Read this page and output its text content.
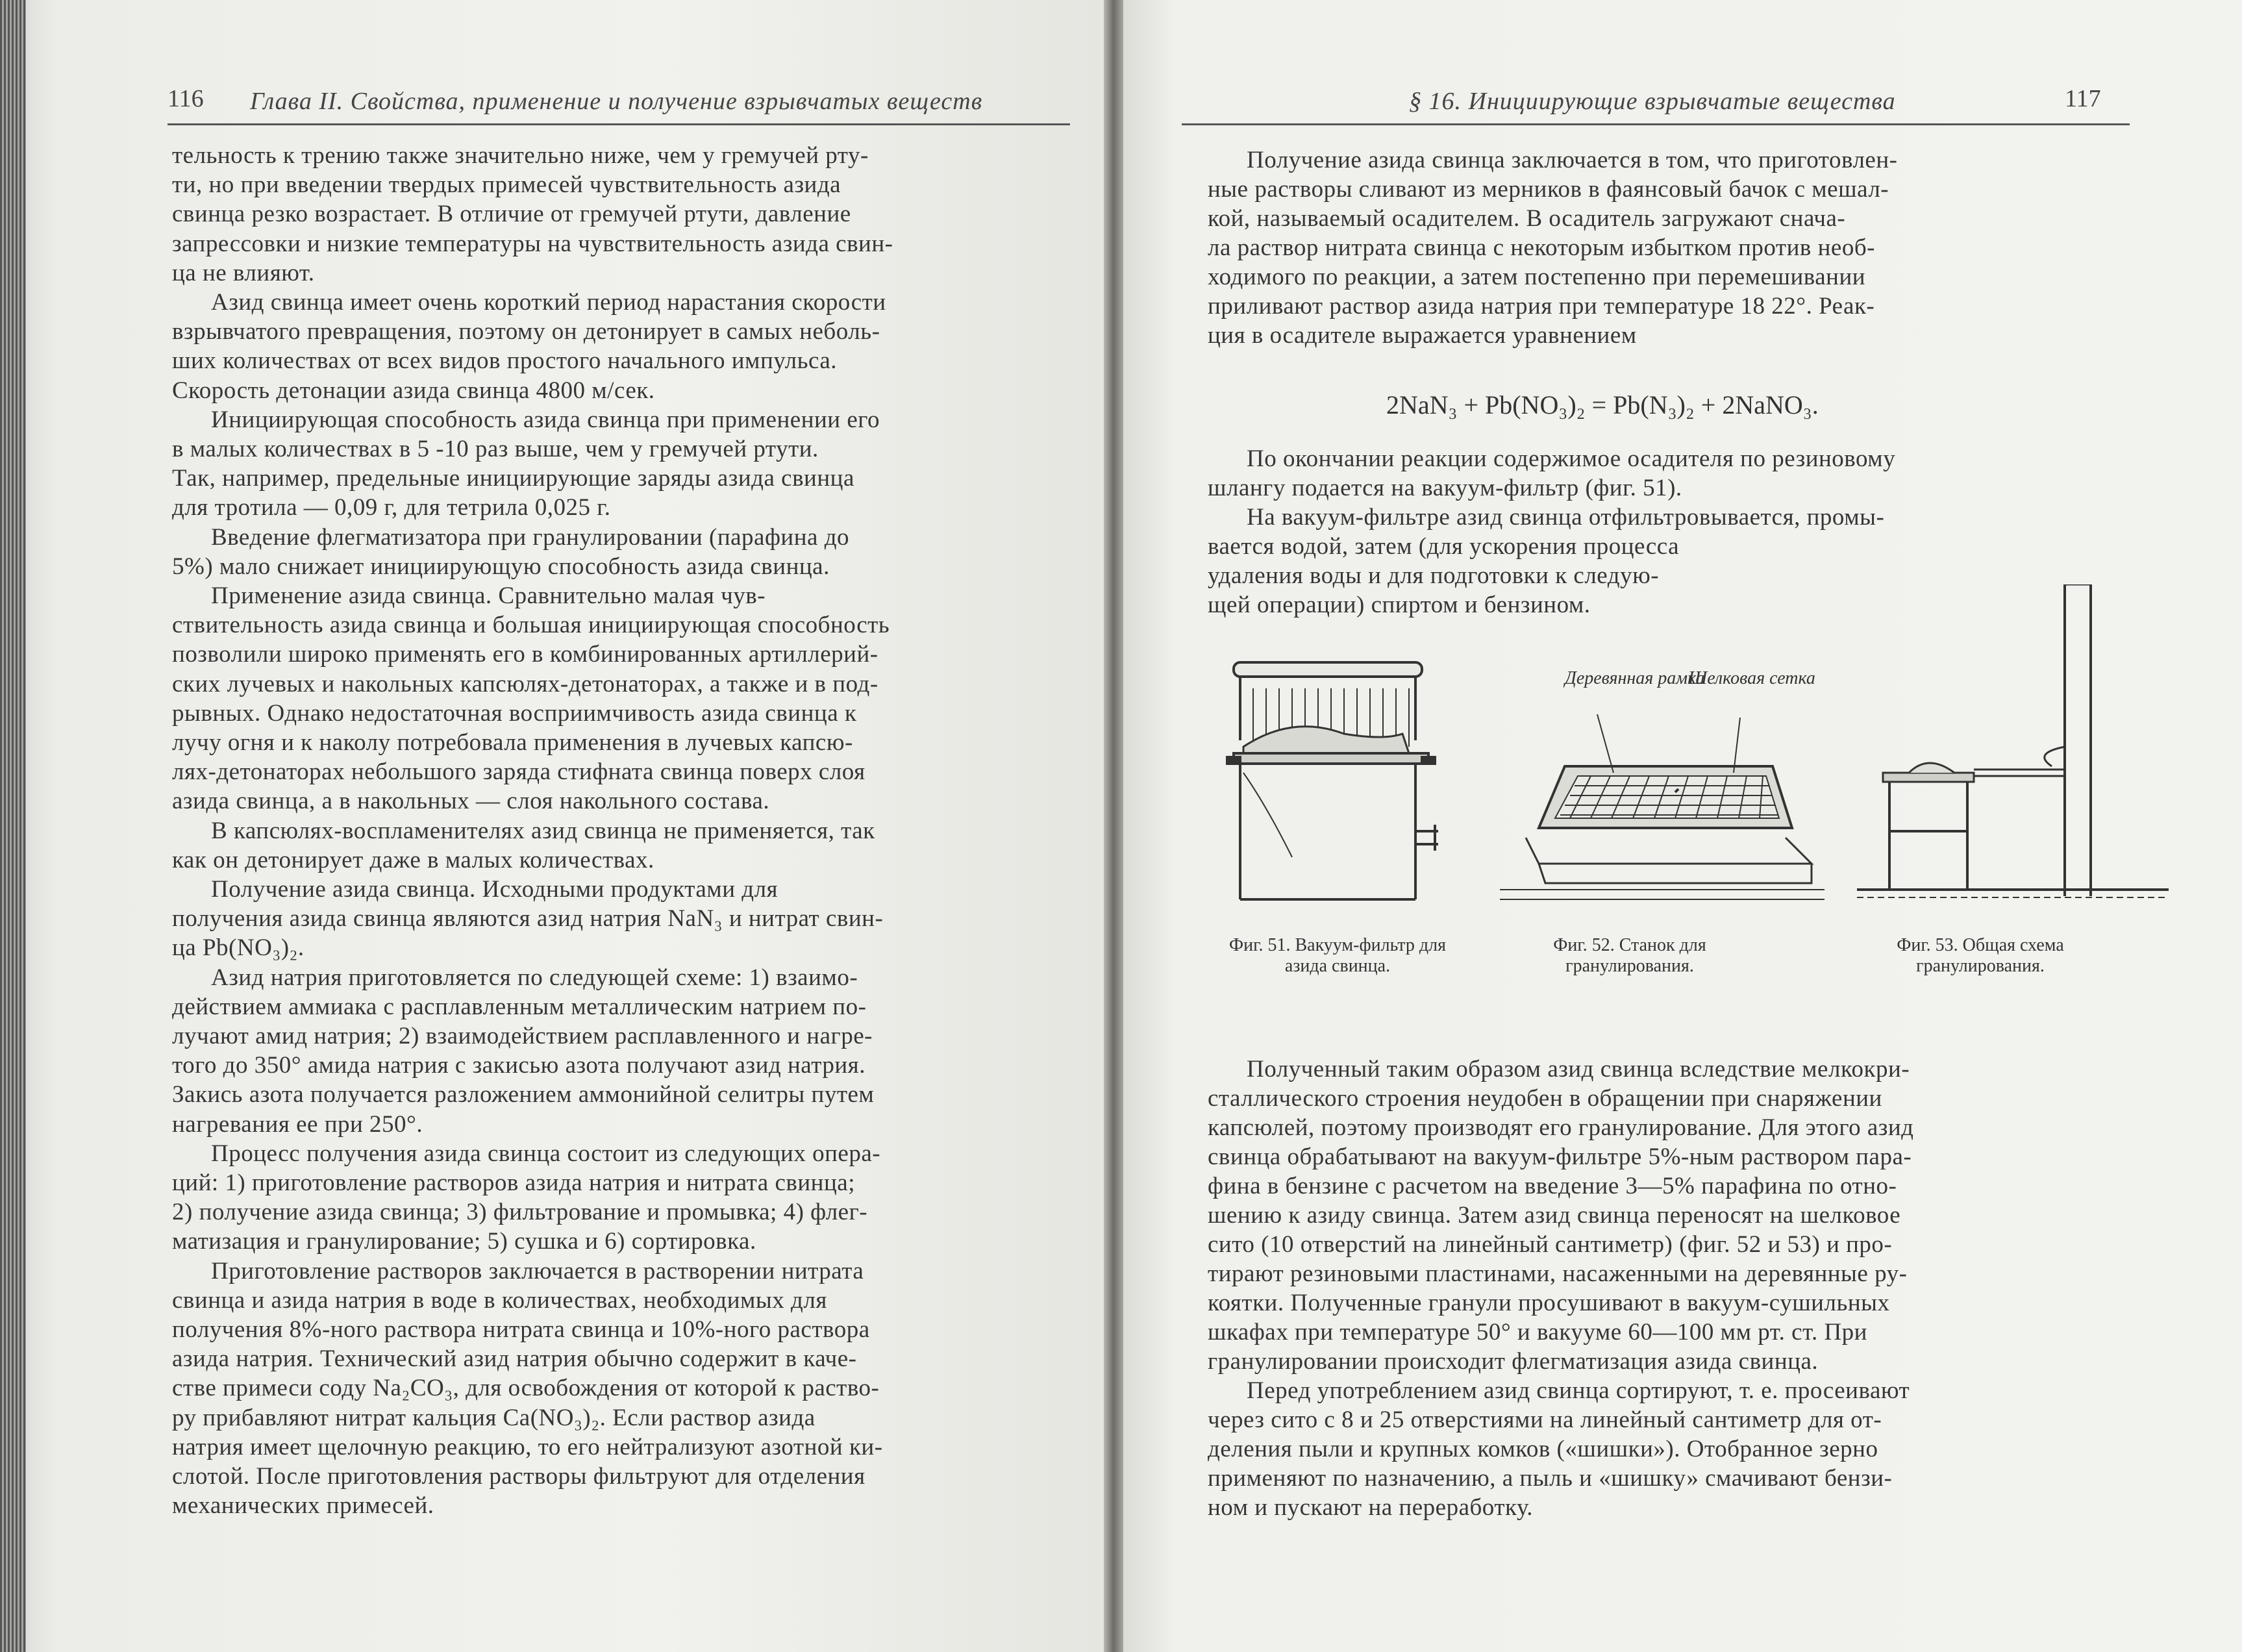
116 Глава II. Свойства, применение и получение взрывчатых веществ
тельность к трению также значительно ниже, чем у гремучей рту-
ти, но при введении твердых примесей чувствительность азида
свинца резко возрастает. В отличие от гремучей ртути, давление
запрессовки и низкие температуры на чувствительность азида свин-
ца не влияют.
Азид свинца имеет очень короткий период нарастания скорости
взрывчатого превращения, поэтому он детонирует в самых неболь-
ших количествах от всех видов простого начального импульса.
Скорость детонации азида свинца 4800 м/сек.
Инициирующая способность азида свинца при применении его
в малых количествах в 5 -10 раз выше, чем у гремучей ртути.
Так, например, предельные инициирующие заряды азида свинца
для тротила — 0,09 г, для тетрила 0,025 г.
Введение флегматизатора при гранулировании (парафина до
5%) мало снижает инициирующую способность азида свинца.
Применение азида свинца. Сравнительно малая чув-
ствительность азида свинца и большая инициирующая способность
позволили широко применять его в комбинированных артиллерий-
ских лучевых и накольных капсюлях-детонаторах, а также и в под-
рывных. Однако недостаточная восприимчивость азида свинца к
лучу огня и к наколу потребовала применения в лучевых капсю-
лях-детонаторах небольшого заряда стифната свинца поверх слоя
азида свинца, а в накольных — слоя накольного состава.
В капсюлях-воспламенителях азид свинца не применяется, так
как он детонирует даже в малых количествах.
Получение азида свинца. Исходными продуктами для
получения азида свинца являются азид натрия NaN₃ и нитрат свин-
ца Pb(NO₃)₂.
Азид натрия приготовляется по следующей схеме: 1) взаимо-
действием аммиака с расплавленным металлическим натрием по-
лучают амид натрия; 2) взаимодействием расплавленного и нагре-
того до 350° амида натрия с закисью азота получают азид натрия.
Закись азота получается разложением аммонийной селитры путем
нагревания ее при 250°.
Процесс получения азида свинца состоит из следующих опера-
ций: 1) приготовление растворов азида натрия и нитрата свинца;
2) получение азида свинца; 3) фильтрование и промывка; 4) флег-
матизация и гранулирование; 5) сушка и 6) сортировка.
Приготовление растворов заключается в растворении нитрата
свинца и азида натрия в воде в количествах, необходимых для
получения 8%-ного раствора нитрата свинца и 10%-ного раствора
азида натрия. Технический азид натрия обычно содержит в каче-
стве примеси соду Na₂CO₃, для освобождения от которой к раство-
ру прибавляют нитрат кальция Ca(NO₃)₂. Если раствор азида
натрия имеет щелочную реакцию, то его нейтрализуют азотной ки-
слотой. После приготовления растворы фильтруют для отделения
механических примесей.
§ 16. Инициирующие взрывчатые вещества	117
Получение азида свинца заключается в том, что приготовлен-
ные растворы сливают из мерников в фаянсовый бачок с мешал-
кой, называемый осадителем. В осадитель загружают снача-
ла раствор нитрата свинца с некоторым избытком против необ-
ходимого по реакции, а затем постепенно при перемешивании
приливают раствор азида натрия при температуре 18 22°. Реак-
ция в осадителе выражается уравнением
2NaN₃ + Pb(NO₃)₂ = Pb(N₃)₂ + 2NaNO₃.
По окончании реакции содержимое осадителя по резиновому
шлангу подается на вакуум-фильтр (фиг. 51).
На вакуум-фильтре азид свинца отфильтровывается, промы-
вается водой, затем (для ускорения процесса
удаления воды и для подготовки к следую-
щей операции) спиртом и бензином.
Деревянная рамка
Шелковая сетка
Фиг. 51. Вакуум-фильтр для азида свинца.
Фиг. 52. Станок для гранулирования.
Фиг. 53. Общая схема гранулирования.
Полученный таким образом азид свинца вследствие мелкокри-
сталлического строения неудобен в обращении при снаряжении
капсюлей, поэтому производят его гранулирование. Для этого азид
свинца обрабатывают на вакуум-фильтре 5%-ным раствором пара-
фина в бензине с расчетом на введение 3—5% парафина по отно-
шению к азиду свинца. Затем азид свинца переносят на шелковое
сито (10 отверстий на линейный сантиметр) (фиг. 52 и 53) и про-
тирают резиновыми пластинами, насаженными на деревянные ру-
коятки. Полученные гранули просушивают в вакуум-сушильных
шкафах при температуре 50° и вакууме 60—100 мм рт. ст. При
гранулировании происходит флегматизация азида свинца.
Перед употреблением азид свинца сортируют, т. е. просеивают
через сито с 8 и 25 отверстиями на линейный сантиметр для от-
деления пыли и крупных комков («шишки»). Отобранное зерно
применяют по назначению, а пыль и «шишку» смачивают бензи-
ном и пускают на переработку.
